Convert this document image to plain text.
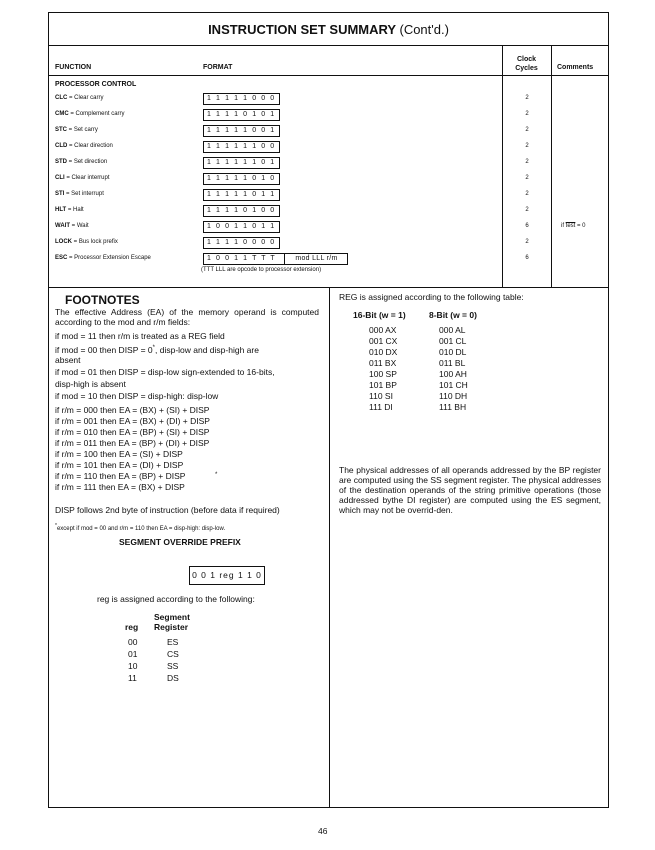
INSTRUCTION SET SUMMARY (Cont'd.)
FUNCTION	FORMAT
Clock
Cycles	Comments
PROCESSOR CONTROL
CLC = Clear carry	1 1 1 1 1 0 0 0	2
CMC = Complement carry	1 1 1 1 0 1 0 1	2
STC = Set carry	1 1 1 1 1 0 0 1	2
CLD = Clear direction	1 1 1 1 1 1 0 0	2
STD = Set direction	1 1 1 1 1 1 0 1	2
CLI = Clear interrupt	1 1 1 1 1 0 1 0	2
STI = Set interrupt	1 1 1 1 1 0 1 1	2
HLT = Halt	1 1 1 1 0 1 0 0	2
WAIT = Wait	1 0 0 1 1 0 1 1	6	if test = 0
LOCK = Bus lock prefix	1 1 1 1 0 0 0 0	2
ESC = Processor Extension Escape	1 0 0 1 1 T T T	mod LLL r/m	6
(TTT LLL are opcode to processor extension)
FOOTNOTES
The effective Address (EA) of the memory operand is computed according to the mod and r/m fields:
if mod = 11 then r/m is treated as a REG field
if mod = 00 then DISP = 0*, disp-low and disp-high are
absent
if mod = 01 then DISP = disp-low sign-extended to 16-bits,
disp-high is absent
if mod = 10 then DISP = disp-high: disp-low
if r/m = 000 then EA = (BX) + (SI) + DISP
if r/m = 001 then EA = (BX) + (DI) + DISP
if r/m = 010 then EA = (BP) + (SI) + DISP
if r/m = 011 then EA = (BP) + (DI) + DISP
if r/m = 100 then EA = (SI) + DISP
if r/m = 101 then EA = (DI) + DISP
if r/m = 110 then EA = (BP) + DISP
if r/m = 111 then EA = (BX) + DISP
*
DISP follows 2nd byte of instruction (before data if required)
*except if mod = 00 and r/m = 110 then EA = disp-high: disp-low.
SEGMENT OVERRIDE PREFIX
0 0 1 reg 1 1 0
reg is assigned according to the following:
Segment
reg Register
00	ES
01	CS
10	SS
11	DS
REG is assigned according to the following table:
16-Bit (w = 1)	8-Bit (w = 0)
000 AX	000 AL
001 CX	001 CL
010 DX	010 DL
011 BX	011 BL
100 SP	100 AH
101 BP	101 CH
110 SI	110 DH
111 DI	111 BH
The physical addresses of all operands addressed by the BP register are computed using the SS segment register. The physical addresses of the destination operands of the string primitive operations (those addressed bythe DI register) are computed using the ES segment, which may not be overrid-den.
46
